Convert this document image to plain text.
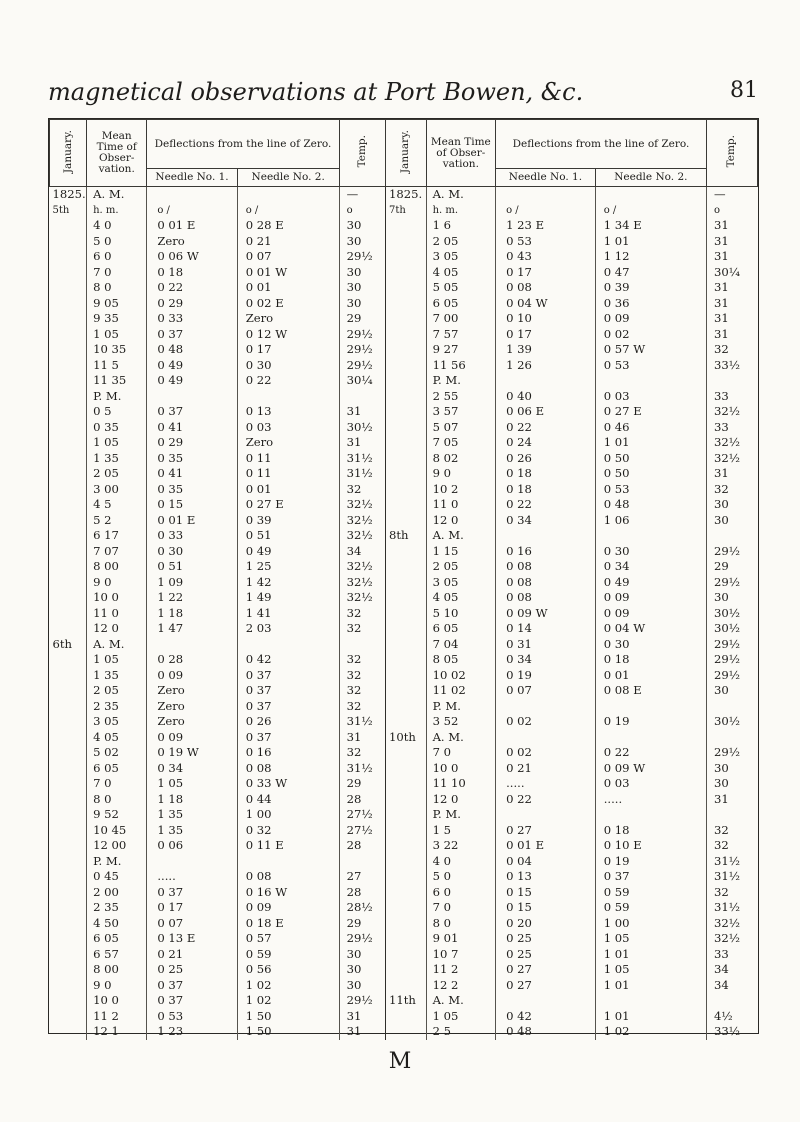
magnetical observations at Port Bowen, &c.	81
January.	Mean Time of Obser- vation.	Deflections from the line of Zero.		Temp.	January.	Mean Time of Obser- vation.	Deflections from the line of Zero.		Temp.
		Needle No. 1.	Needle No. 2.				Needle No. 1.	Needle No. 2.	
1825.	A. M.			—	1825.	A. M.			—
5th	h. m.	o /	o /	o	7th	h. m.	o /	o /	o
	4 0	0 01 E	0 28 E	30		1 6	1 23 E	1 34 E	31
	5 0	Zero	0 21	30		2 05	0 53	1 01	31
	6 0	0 06 W	0 07	29½		3 05	0 43	1 12	31
	7 0	0 18	0 01 W	30		4 05	0 17	0 47	30¼
	8 0	0 22	0 01	30		5 05	0 08	0 39	31
	9 05	0 29	0 02 E	30		6 05	0 04 W	0 36	31
	9 35	0 33	Zero	29		7 00	0 10	0 09	31
	1 05	0 37	0 12 W	29½		7 57	0 17	0 02	31
	10 35	0 48	0 17	29½		9 27	1 39	0 57 W	32
	11 5	0 49	0 30	29½		11 56	1 26	0 53	33½
	11 35	0 49	0 22	30¼		P. M.			
	P. M.					2 55	0 40	0 03	33
	0 5	0 37	0 13	31		3 57	0 06 E	0 27 E	32½
	0 35	0 41	0 03	30½		5 07	0 22	0 46	33
	1 05	0 29	Zero	31		7 05	0 24	1 01	32½
	1 35	0 35	0 11	31½		8 02	0 26	0 50	32½
	2 05	0 41	0 11	31½		9 0	0 18	0 50	31
	3 00	0 35	0 01	32		10 2	0 18	0 53	32
	4 5	0 15	0 27 E	32½		11 0	0 22	0 48	30
	5 2	0 01 E	0 39	32½		12 0	0 34	1 06	30
	6 17	0 33	0 51	32½	8th	A. M.			
	7 07	0 30	0 49	34		1 15	0 16	0 30	29½
	8 00	0 51	1 25	32½		2 05	0 08	0 34	29
	9 0	1 09	1 42	32½		3 05	0 08	0 49	29½
	10 0	1 22	1 49	32½		4 05	0 08	0 09	30
	11 0	1 18	1 41	32		5 10	0 09 W	0 09	30½
	12 0	1 47	2 03	32		6 05	0 14	0 04 W	30½
6th	A. M.					7 04	0 31	0 30	29½
	1 05	0 28	0 42	32		8 05	0 34	0 18	29½
	1 35	0 09	0 37	32		10 02	0 19	0 01	29½
	2 05	Zero	0 37	32		11 02	0 07	0 08 E	30
	2 35	Zero	0 37	32		P. M.			
	3 05	Zero	0 26	31½		3 52	0 02	0 19	30½
	4 05	0 09	0 37	31	10th	A. M.			
	5 02	0 19 W	0 16	32		7 0	0 02	0 22	29½
	6 05	0 34	0 08	31½		10 0	0 21	0 09 W	30
	7 0	1 05	0 33 W	29		11 10	.....	0 03	30
	8 0	1 18	0 44	28		12 0	0 22	.....	31
	9 52	1 35	1 00	27½		P. M.			
	10 45	1 35	0 32	27½		1 5	0 27	0 18	32
	12 00	0 06	0 11 E	28		3 22	0 01 E	0 10 E	32
	P. M.					4 0	0 04	0 19	31½
	0 45	.....	0 08	27		5 0	0 13	0 37	31½
	2 00	0 37	0 16 W	28		6 0	0 15	0 59	32
	2 35	0 17	0 09	28½		7 0	0 15	0 59	31½
	4 50	0 07	0 18 E	29		8 0	0 20	1 00	32½
	6 05	0 13 E	0 57	29½		9 01	0 25	1 05	32½
	6 57	0 21	0 59	30		10 7	0 25	1 01	33
	8 00	0 25	0 56	30		11 2	0 27	1 05	34
	9 0	0 37	1 02	30		12 2	0 27	1 01	34
	10 0	0 37	1 02	29½	11th	A. M.			
	11 2	0 53	1 50	31		1 05	0 42	1 01	4½
	12 1	1 23	1 50	31		2 5	0 48	1 02	33½
M
